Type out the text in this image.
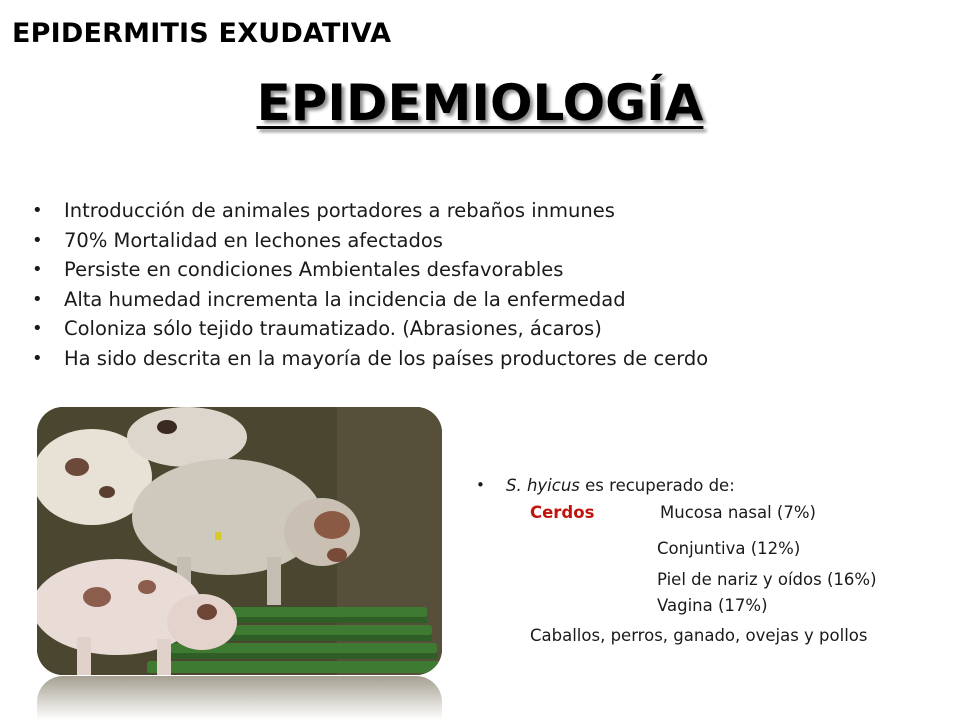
EPIDERMITIS EXUDATIVA
EPIDEMIOLOGÍA
• Introducción de animales portadores a rebaños inmunes
• 70% Mortalidad en lechones afectados
• Persiste en condiciones Ambientales desfavorables
• Alta humedad incrementa la incidencia de la enfermedad
• Coloniza sólo tejido traumatizado. (Abrasiones, ácaros)
• Ha sido descrita en la mayoría de los países productores de cerdo
• S. hyicus es recuperado de:
Cerdos	Mucosa nasal (7%)
Conjuntiva (12%)
Piel de nariz y oídos (16%)
Vagina (17%)
Caballos, perros, ganado, ovejas y pollos
